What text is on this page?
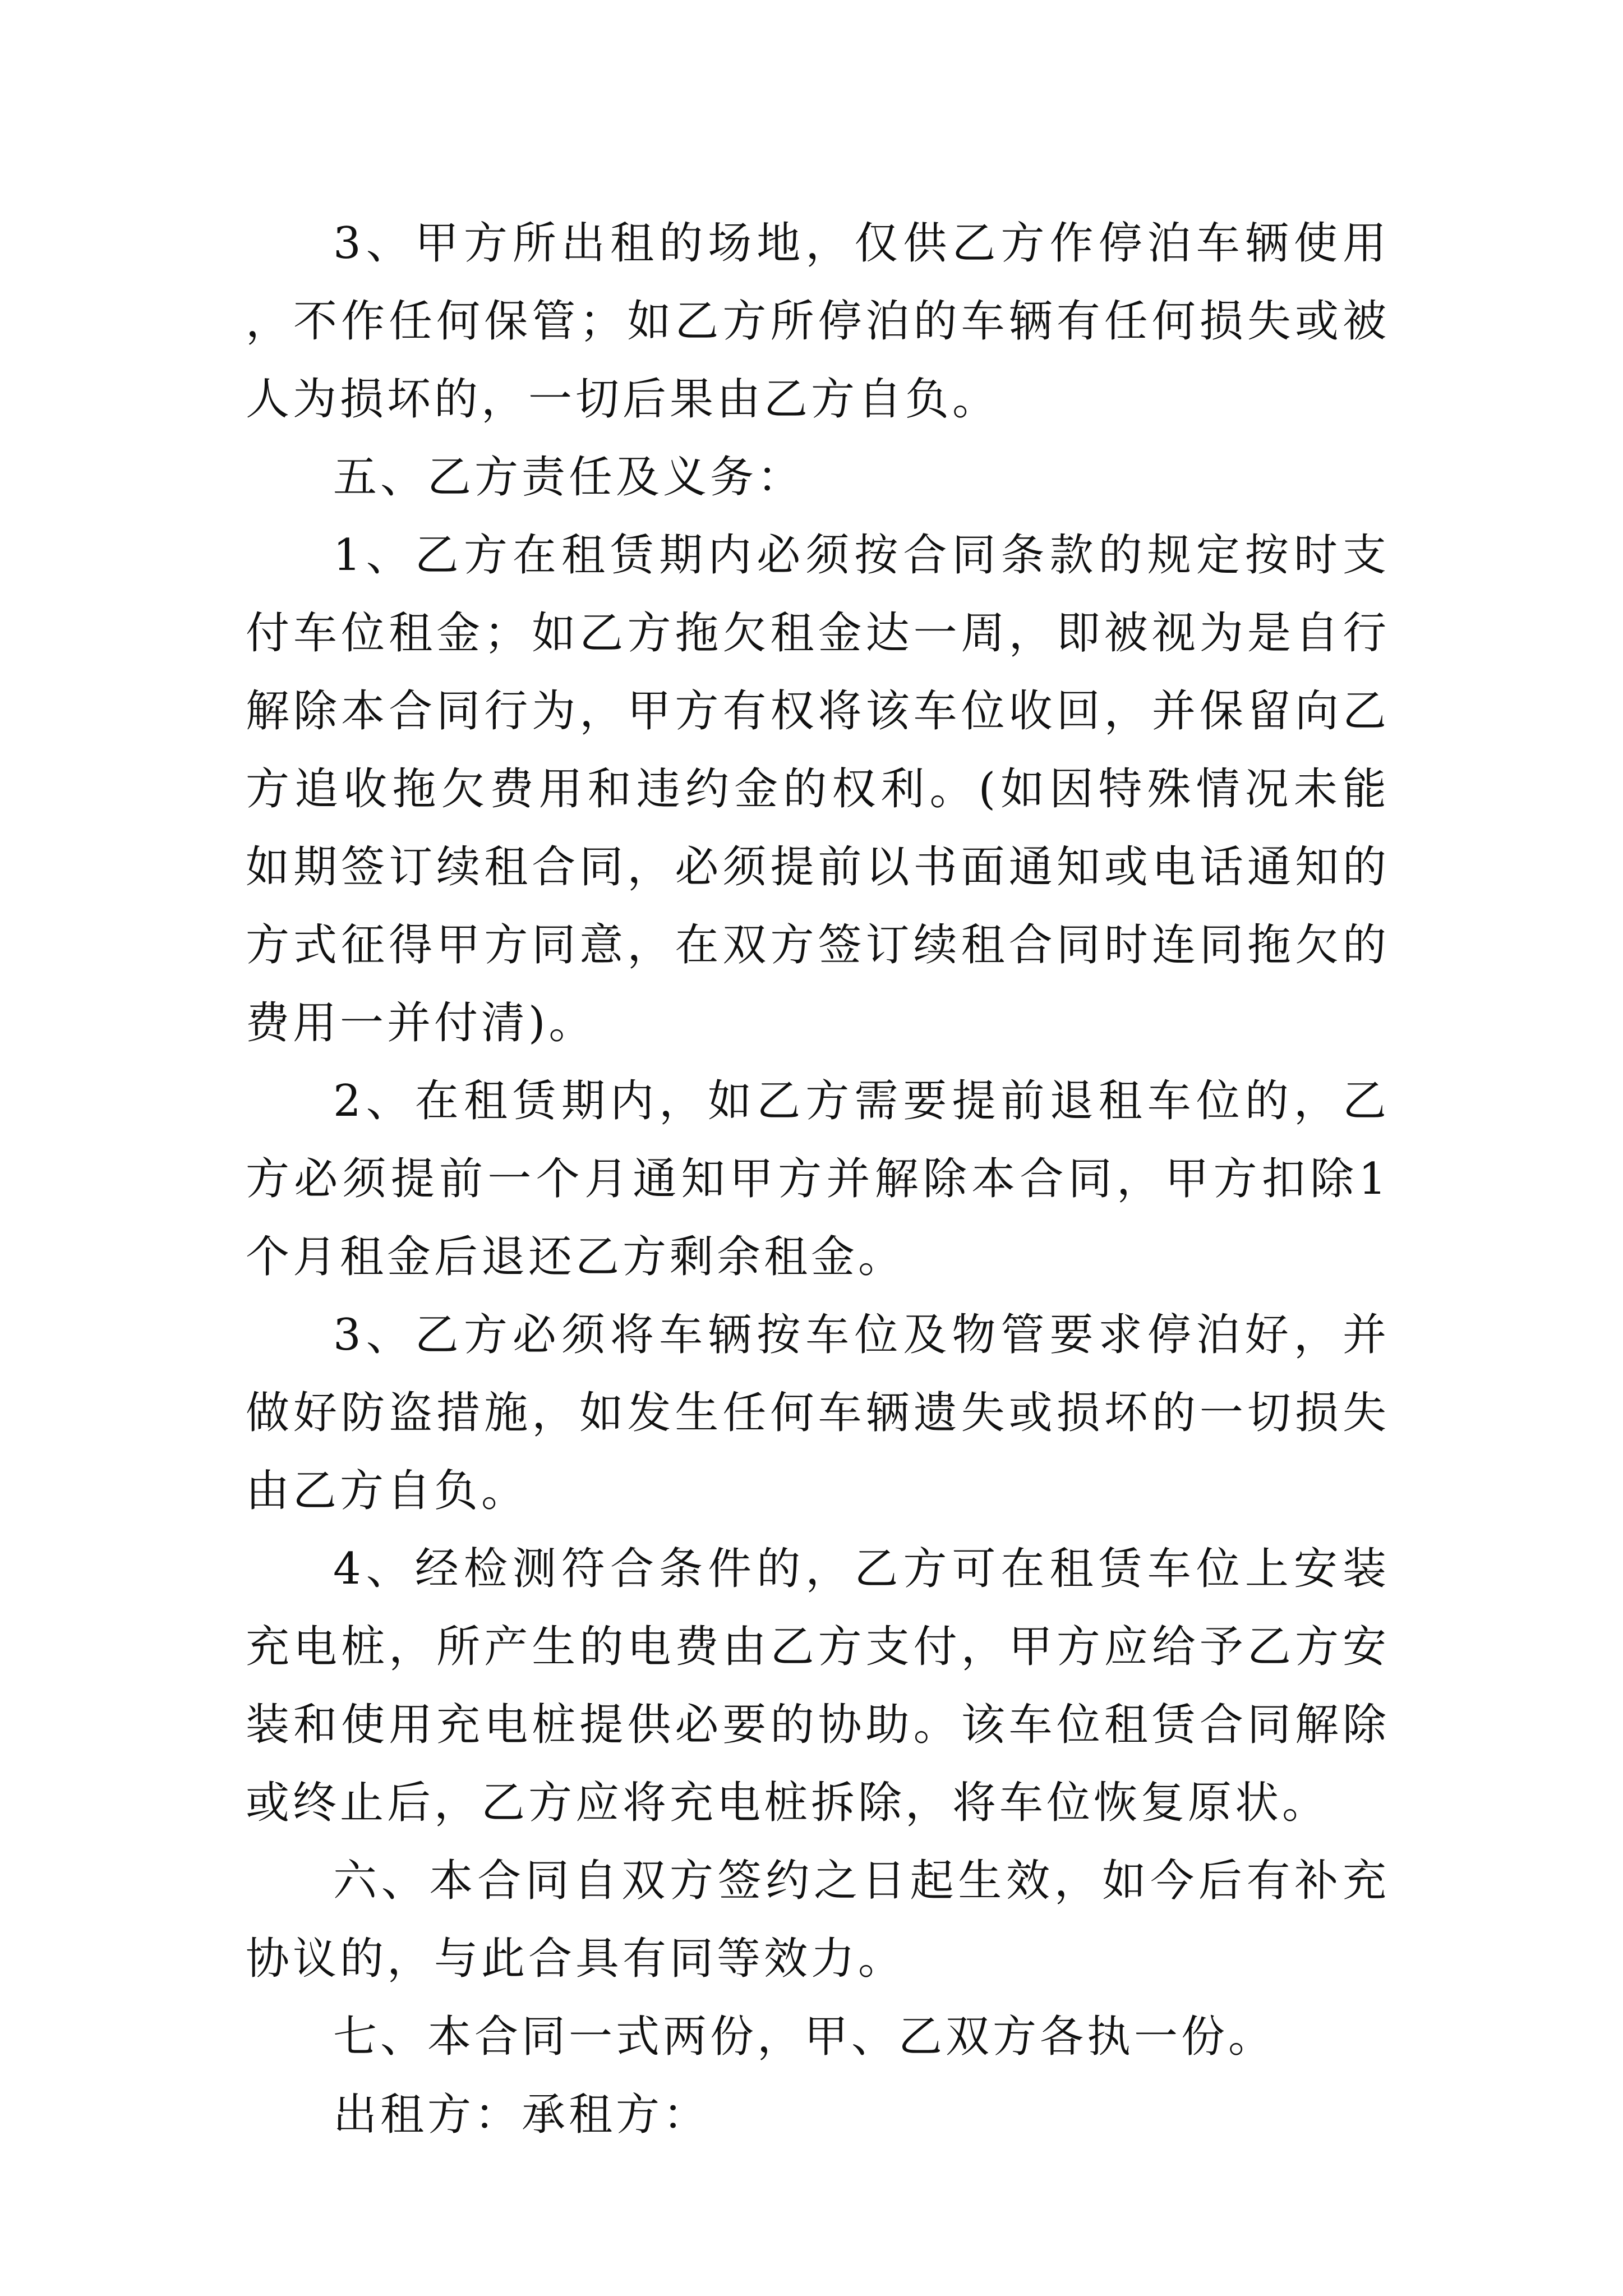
3、甲方所出租的场地，仅供乙方作停泊车辆使用，不作任何保管；如乙方所停泊的车辆有任何损失或被人为损坏的，一切后果由乙方自负。

五、乙方责任及义务：

1、乙方在租赁期内必须按合同条款的规定按时支付车位租金；如乙方拖欠租金达一周，即被视为是自行解除本合同行为，甲方有权将该车位收回，并保留向乙方追收拖欠费用和违约金的权利。(如因特殊情况未能如期签订续租合同，必须提前以书面通知或电话通知的方式征得甲方同意，在双方签订续租合同时连同拖欠的费用一并付清)。

2、在租赁期内，如乙方需要提前退租车位的，乙方必须提前一个月通知甲方并解除本合同，甲方扣除1个月租金后退还乙方剩余租金。

3、乙方必须将车辆按车位及物管要求停泊好，并做好防盗措施，如发生任何车辆遗失或损坏的一切损失由乙方自负。

4、经检测符合条件的，乙方可在租赁车位上安装充电桩，所产生的电费由乙方支付，甲方应给予乙方安装和使用充电桩提供必要的协助。该车位租赁合同解除或终止后，乙方应将充电桩拆除，将车位恢复原状。

六、本合同自双方签约之日起生效，如今后有补充协议的，与此合具有同等效力。

七、本合同一式两份，甲、乙双方各执一份。

出租方：承租方：
